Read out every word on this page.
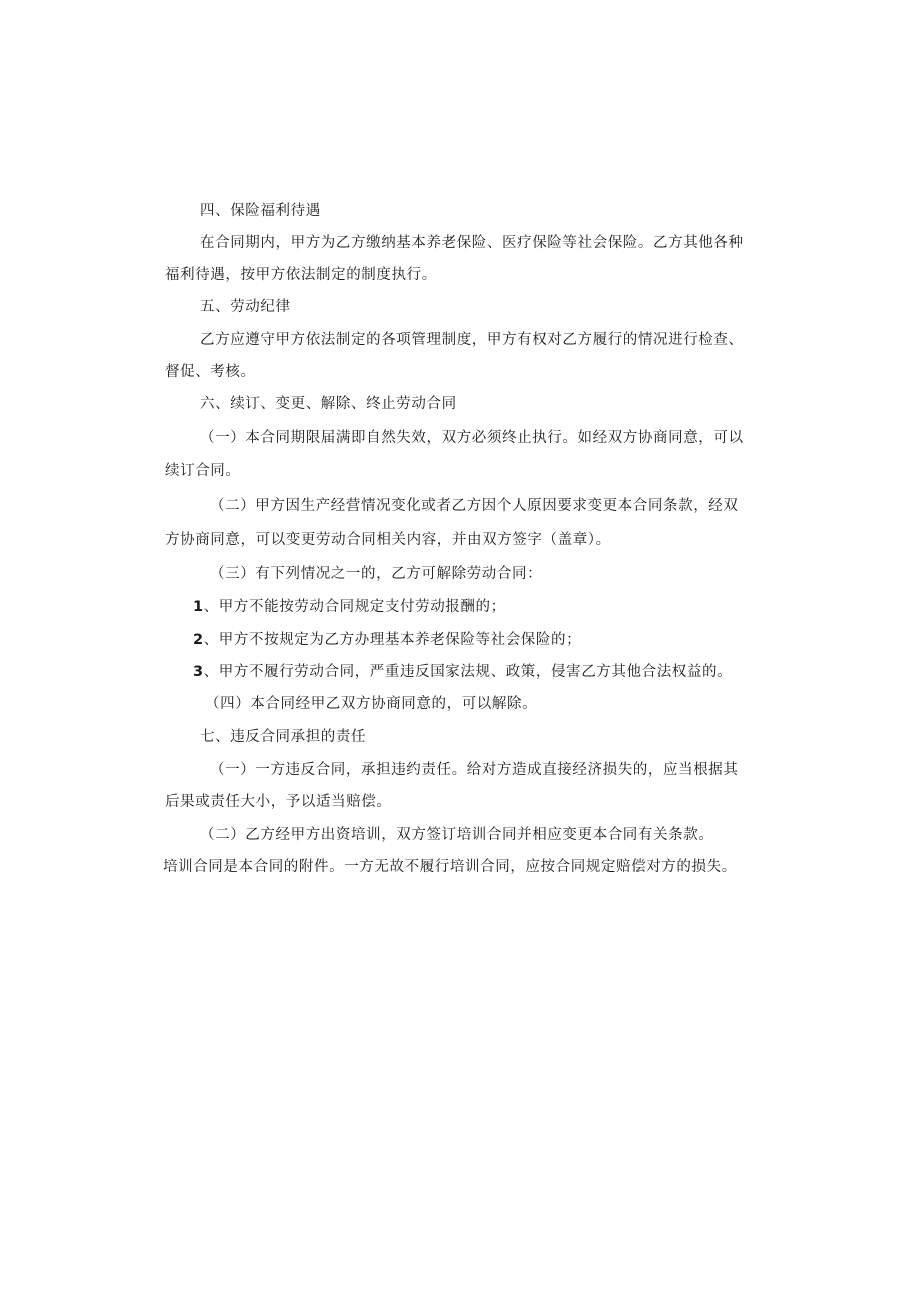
四、保险福利待遇
在合同期内，甲方为乙方缴纳基本养老保险、医疗保险等社会保险。乙方其他各种
福利待遇，按甲方依法制定的制度执行。
五、劳动纪律
乙方应遵守甲方依法制定的各项管理制度，甲方有权对乙方履行的情况进行检查、
督促、考核。
六、续订、变更、解除、终止劳动合同
（一）本合同期限届满即自然失效，双方必须终止执行。如经双方协商同意，可以
续订合同。
（二）甲方因生产经营情况变化或者乙方因个人原因要求变更本合同条款，经双
方协商同意，可以变更劳动合同相关内容，并由双方签字（盖章）。
（三）有下列情况之一的，乙方可解除劳动合同：
1、甲方不能按劳动合同规定支付劳动报酬的；
2、甲方不按规定为乙方办理基本养老保险等社会保险的；
3、甲方不履行劳动合同，严重违反国家法规、政策，侵害乙方其他合法权益的。
（四）本合同经甲乙双方协商同意的，可以解除。
七、违反合同承担的责任
（一）一方违反合同，承担违约责任。给对方造成直接经济损失的，应当根据其
后果或责任大小，予以适当赔偿。
（二）乙方经甲方出资培训，双方签订培训合同并相应变更本合同有关条款。
培训合同是本合同的附件。一方无故不履行培训合同，应按合同规定赔偿对方的损失。
